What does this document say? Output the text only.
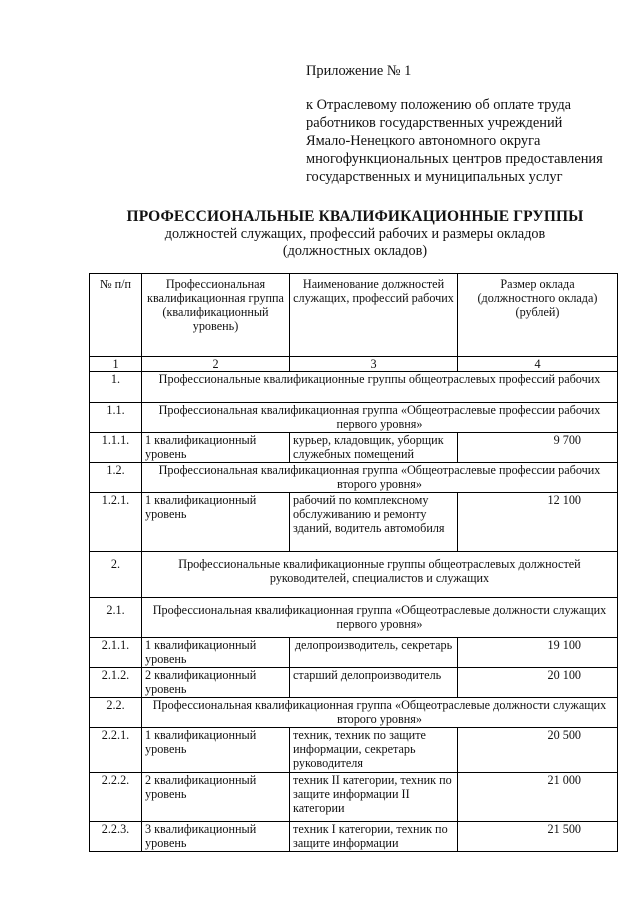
Приложение № 1
к Отраслевому положению об оплате труда
работников государственных учреждений
Ямало-Ненецкого автономного округа
многофункциональных центров предоставления
государственных и муниципальных услуг
ПРОФЕССИОНАЛЬНЫЕ КВАЛИФИКАЦИОННЫЕ ГРУППЫ
должностей служащих, профессий рабочих и размеры окладов
(должностных окладов)
№ п/п	Профессиональная квалификационная группа (квалификационный уровень)	Наименование должностей служащих, профессий рабочих	Размер оклада (должностного оклада) (рублей)
1	2	3	4
1.	Профессиональные квалификационные группы общеотраслевых профессий рабочих		
1.1.	Профессиональная квалификационная группа «Общеотраслевые профессии рабочих первого уровня»		
1.1.1.	1 квалификационный уровень	курьер, кладовщик, уборщик служебных помещений	9 700
1.2.	Профессиональная квалификационная группа «Общеотраслевые профессии рабочих второго уровня»		
1.2.1.	1 квалификационный уровень	рабочий по комплексному обслуживанию и ремонту зданий, водитель автомобиля	12 100
2.	Профессиональные квалификационные группы общеотраслевых должностей руководителей, специалистов и служащих		
2.1.	Профессиональная квалификационная группа «Общеотраслевые должности служащих первого уровня»		
2.1.1.	1 квалификационный уровень	делопроизводитель, секретарь	19 100
2.1.2.	2 квалификационный уровень	старший делопроизводитель	20 100
2.2.	Профессиональная квалификационная группа «Общеотраслевые должности служащих второго уровня»		
2.2.1.	1 квалификационный уровень	техник, техник по защите информации, секретарь руководителя	20 500
2.2.2.	2 квалификационный уровень	техник II категории, техник по защите информации II категории	21 000
2.2.3.	3 квалификационный уровень	техник I категории, техник по защите информации	21 500
